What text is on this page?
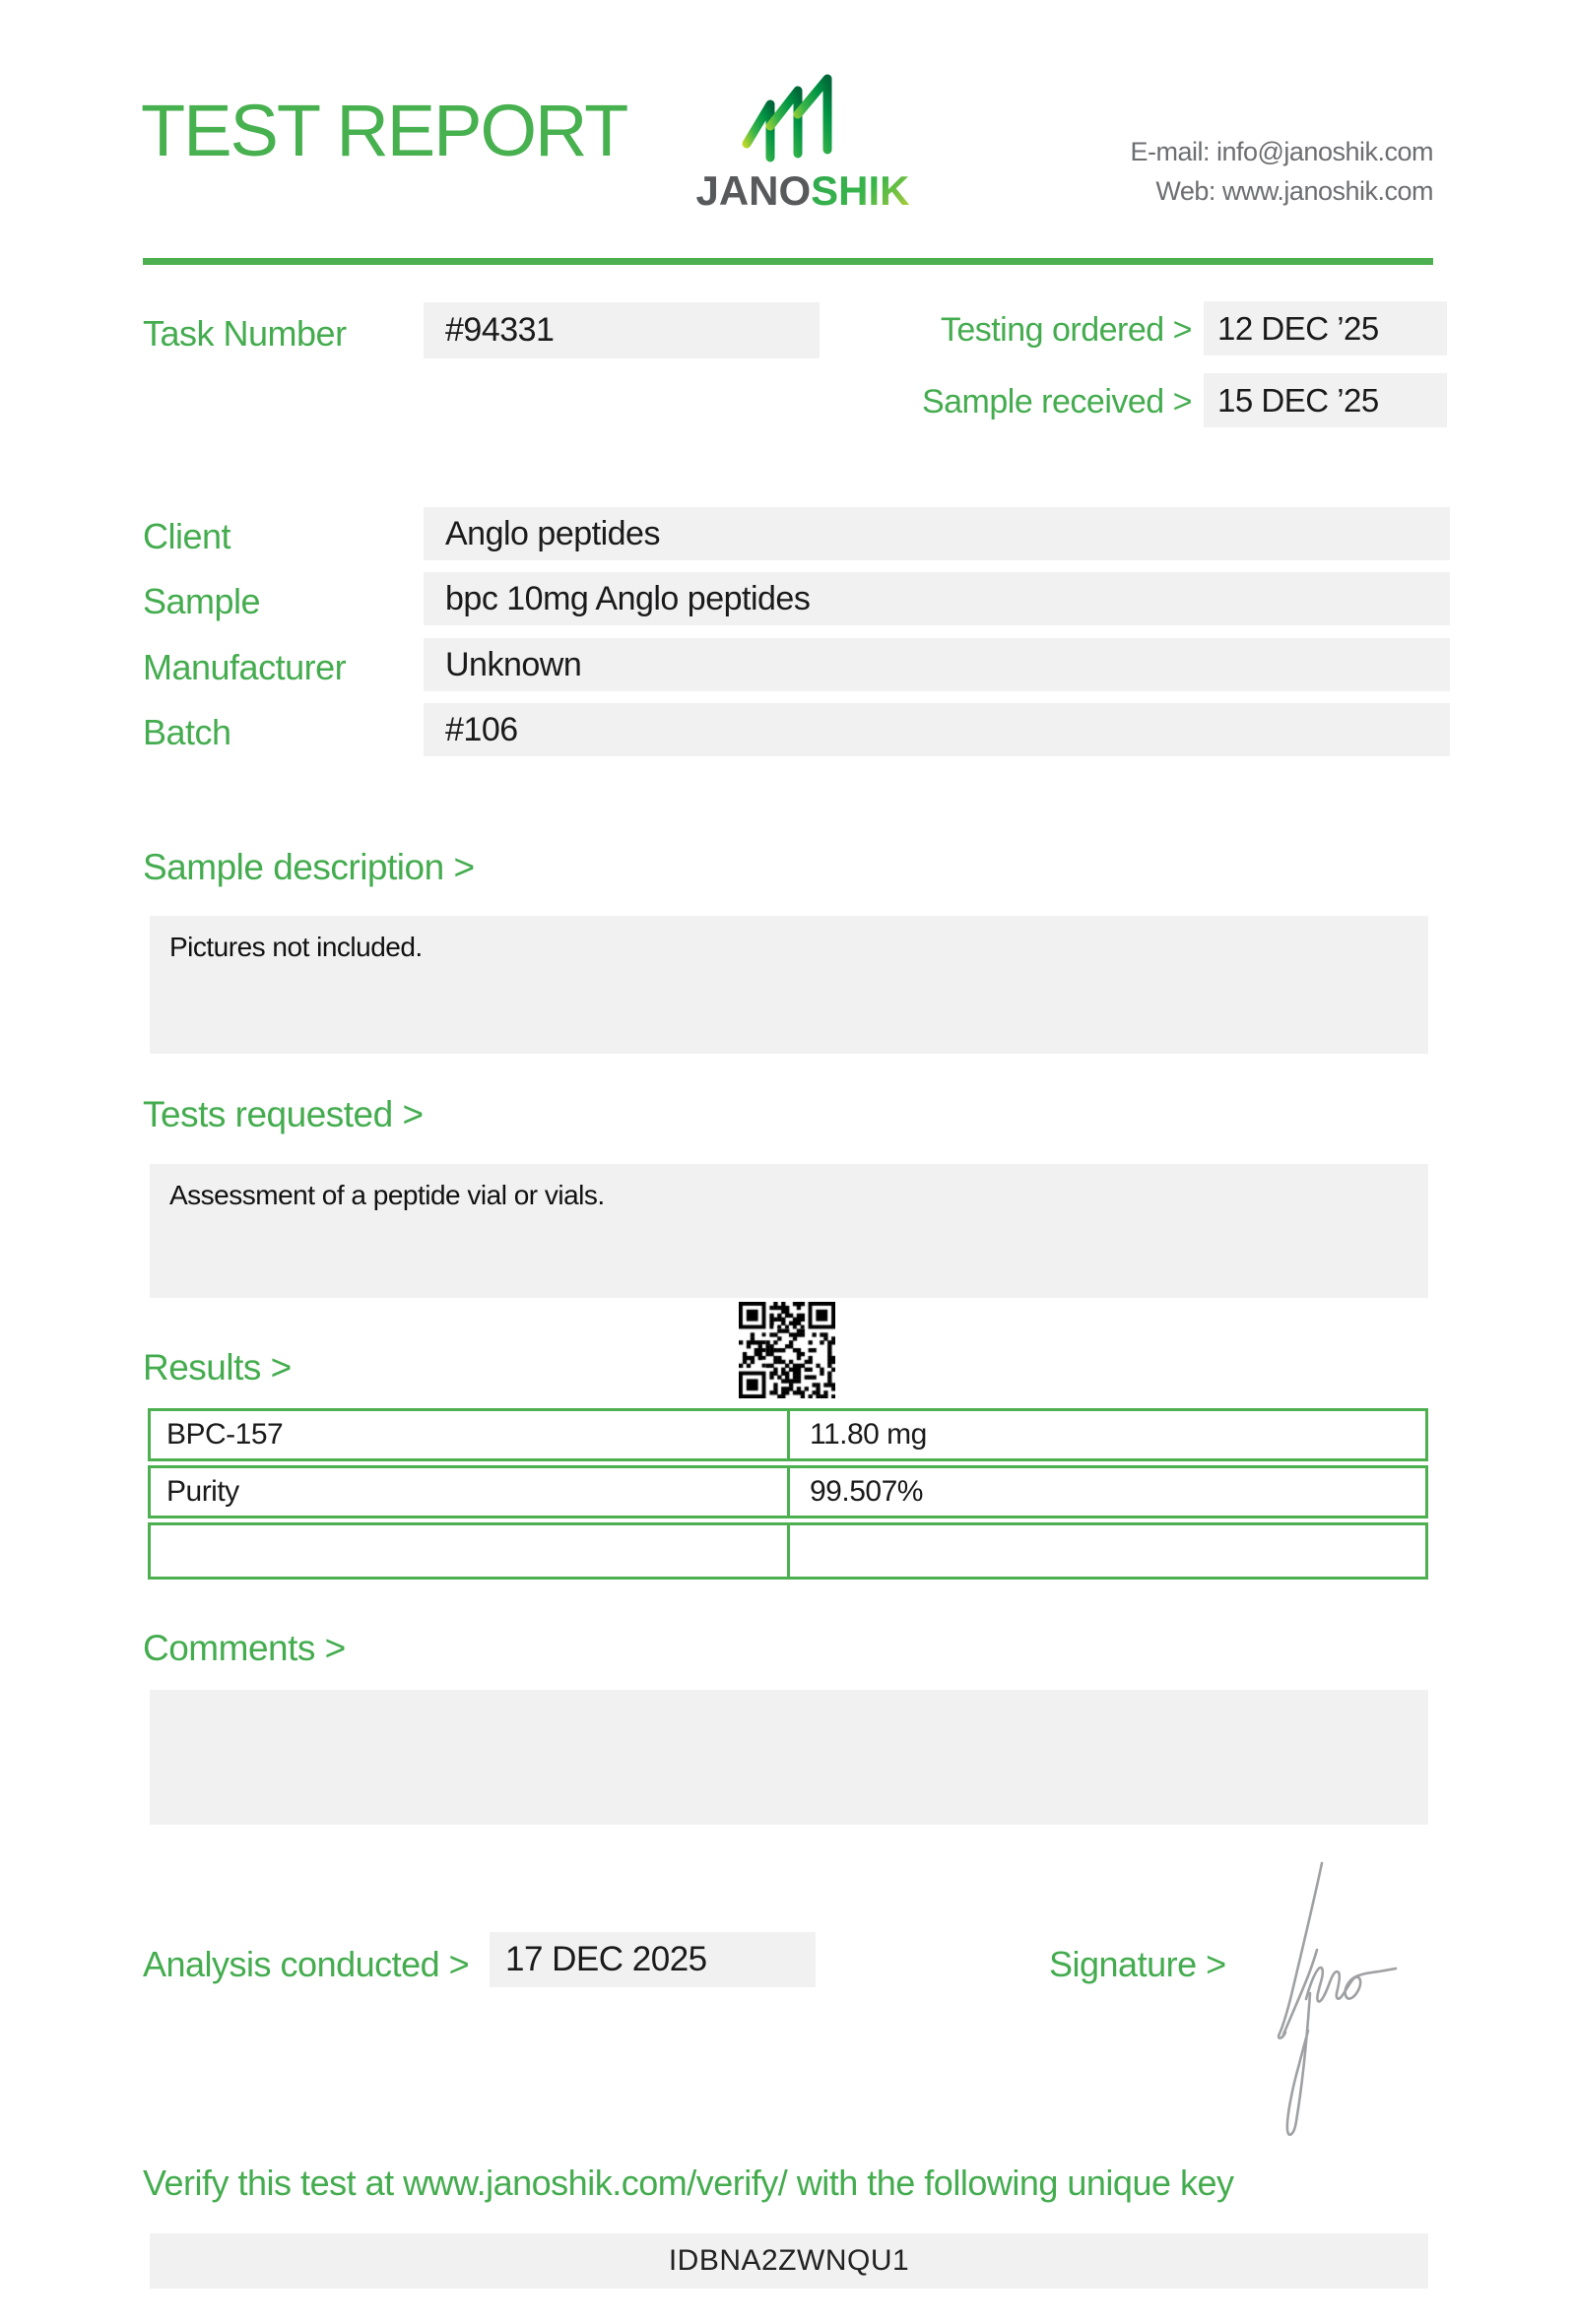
TEST REPORT
JANOSHIK
E-mail: info@janoshik.com
Web: www.janoshik.com
Task Number	#94331	Testing ordered > 12 DEC ’25
Sample received > 15 DEC ’25
Client	Anglo peptides
Sample	bpc 10mg Anglo peptides
Manufacturer	Unknown
Batch	#106
Sample description >
Pictures not included.
Tests requested >
Assessment of a peptide vial or vials.
Results >
BPC-157	11.80 mg
Purity	99.507%
Comments >
Analysis conducted >	17 DEC 2025	Signature >
Verify this test at www.janoshik.com/verify/ with the following unique key
IDBNA2ZWNQU1
